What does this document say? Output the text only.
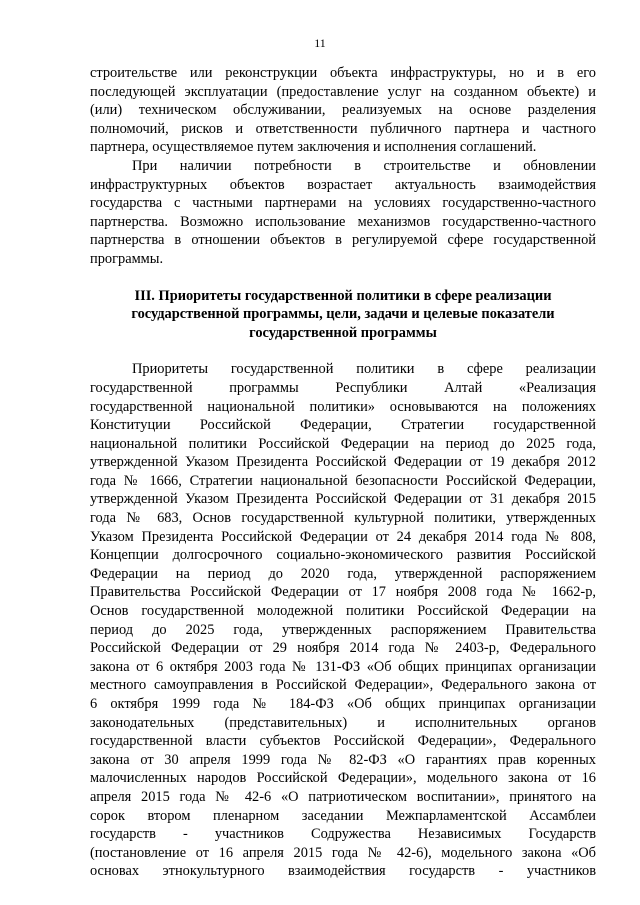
11
строительстве или реконструкции объекта инфраструктуры, но и в его
последующей эксплуатации (предоставление услуг на созданном объекте) и
(или) техническом обслуживании, реализуемых на основе разделения
полномочий, рисков и ответственности публичного партнера и частного
партнера, осуществляемое путем заключения и исполнения соглашений.
При наличии потребности в строительстве и обновлении
инфраструктурных объектов возрастает актуальность взаимодействия
государства с частными партнерами на условиях государственно-частного
партнерства. Возможно использование механизмов государственно-частного
партнерства в отношении объектов в регулируемой сфере государственной
программы.
III. Приоритеты государственной политики в сфере реализации
государственной программы, цели, задачи и целевые показатели
государственной программы
Приоритеты государственной политики в сфере реализации
государственной программы Республики Алтай «Реализация
государственной национальной политики» основываются на положениях
Конституции Российской Федерации, Стратегии государственной
национальной политики Российской Федерации на период до 2025 года,
утвержденной Указом Президента Российской Федерации от 19 декабря 2012
года № 1666, Стратегии национальной безопасности Российской Федерации,
утвержденной Указом Президента Российской Федерации от 31 декабря 2015
года № 683, Основ государственной культурной политики, утвержденных
Указом Президента Российской Федерации от 24 декабря 2014 года № 808,
Концепции долгосрочного социально-экономического развития Российской
Федерации на период до 2020 года, утвержденной распоряжением
Правительства Российской Федерации от 17 ноября 2008 года № 1662-р,
Основ государственной молодежной политики Российской Федерации на
период до 2025 года, утвержденных распоряжением Правительства
Российской Федерации от 29 ноября 2014 года № 2403-р, Федерального
закона от 6 октября 2003 года № 131-ФЗ «Об общих принципах организации
местного самоуправления в Российской Федерации», Федерального закона от
6 октября 1999 года № 184-ФЗ «Об общих принципах организации
законодательных (представительных) и исполнительных органов
государственной власти субъектов Российской Федерации», Федерального
закона от 30 апреля 1999 года № 82-ФЗ «О гарантиях прав коренных
малочисленных народов Российской Федерации», модельного закона от 16
апреля 2015 года № 42-6 «О патриотическом воспитании», принятого на
сорок втором пленарном заседании Межпарламентской Ассамблеи
государств - участников Содружества Независимых Государств
(постановление от 16 апреля 2015 года № 42-6), модельного закона «Об
основах этнокультурного взаимодействия государств - участников
